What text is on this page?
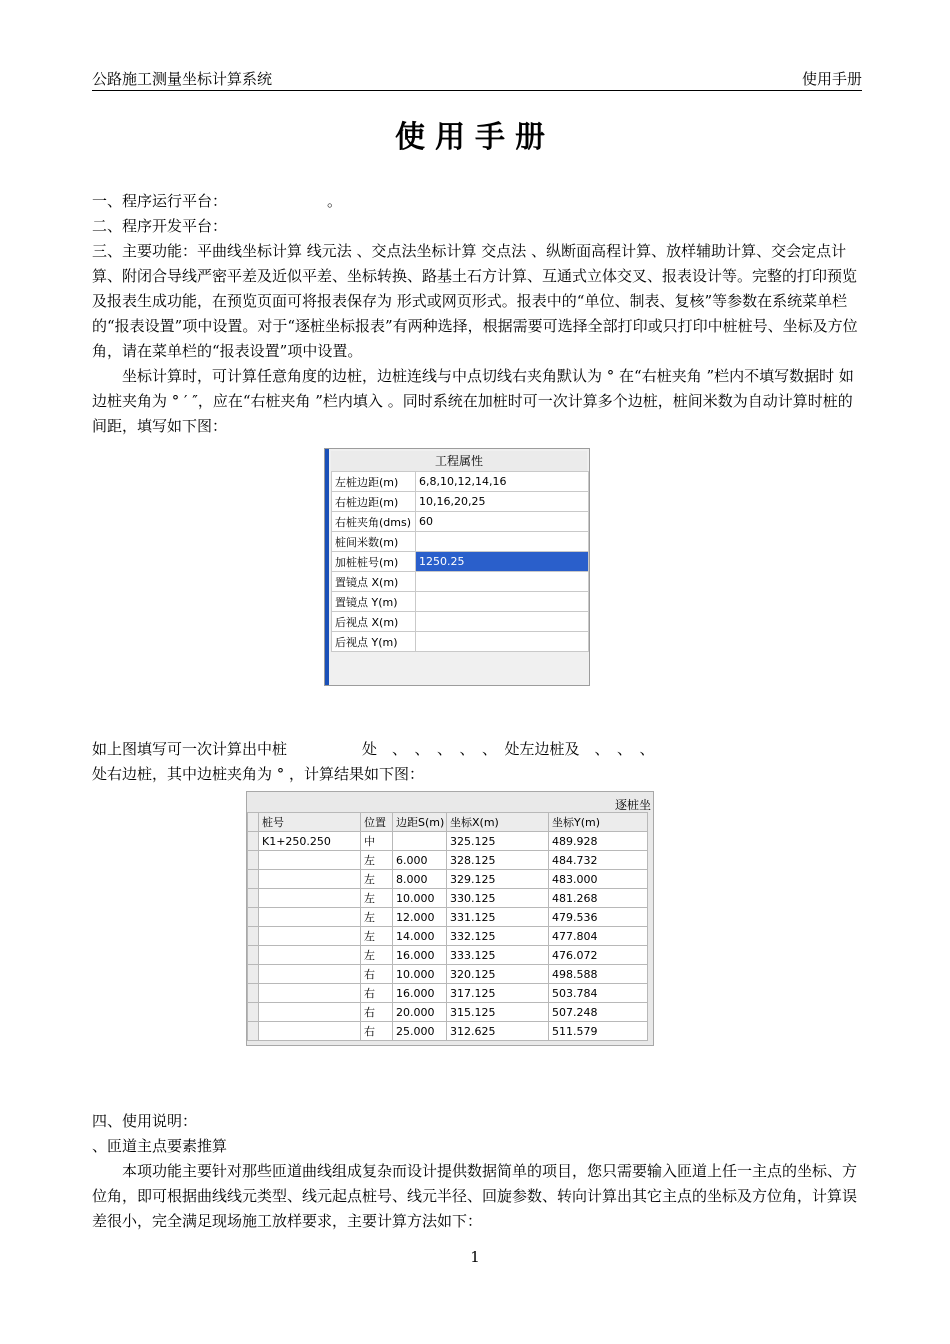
公路施工测量坐标计算系统	使用手册
使用手册

一、程序运行平台：	。

二、程序开发平台：

三、主要功能：平曲线坐标计算 线元法 、交点法坐标计算 交点法 、纵断面高程计算、放样辅助计算、交会定点计算、附闭合导线严密平差及近似平差、坐标转换、路基土石方计算、互通式立体交叉、报表设计等。完整的打印预览及报表生成功能，在预览页面可将报表保存为 形式或网页形式。报表中的“单位、制表、复核”等参数在系统菜单栏的“报表设置”项中设置。对于“逐桩坐标报表”有两种选择，根据需要可选择全部打印或只打印中桩桩号、坐标及方位角，请在菜单栏的“报表设置”项中设置。

坐标计算时，可计算任意角度的边桩，边桩连线与中点切线右夹角默认为 ° 在“右桩夹角 ”栏内不填写数据时 如边桩夹角为 ° ′ ″，应在“右桩夹角 ”栏内填入 。同时系统在加桩时可一次计算多个边桩，桩间米数为自动计算时桩的间距，填写如下图：

工程属性
左桩边距(m)	6,8,10,12,14,16
右桩边距(m)	10,16,20,25
右桩夹角(dms)	60
桩间米数(m)	
加桩桩号(m)	1250.25
置镜点 X(m)	
置镜点 Y(m)	
后视点 X(m)	
后视点 Y(m)	

如上图填写可一次计算出中桩　　　　　处　、　、　、　、　、　处左边桩及　、　、　、

处右边桩，其中边桩夹角为 ° ，计算结果如下图：

逐桩坐
	桩号	位置	边距S(m)	坐标X(m)	坐标Y(m)
	K1+250.250	中		325.125	489.928
		左	6.000	328.125	484.732
		左	8.000	329.125	483.000
		左	10.000	330.125	481.268
		左	12.000	331.125	479.536
		左	14.000	332.125	477.804
		左	16.000	333.125	476.072
		右	10.000	320.125	498.588
		右	16.000	317.125	503.784
		右	20.000	315.125	507.248
		右	25.000	312.625	511.579

四、使用说明：

、匝道主点要素推算

本项功能主要针对那些匝道曲线组成复杂而设计提供数据简单的项目，您只需要输入匝道上任一主点的坐标、方位角，即可根据曲线线元类型、线元起点桩号、线元半径、回旋参数、转向计算出其它主点的坐标及方位角，计算误差很小，完全满足现场施工放样要求，主要计算方法如下：

1
